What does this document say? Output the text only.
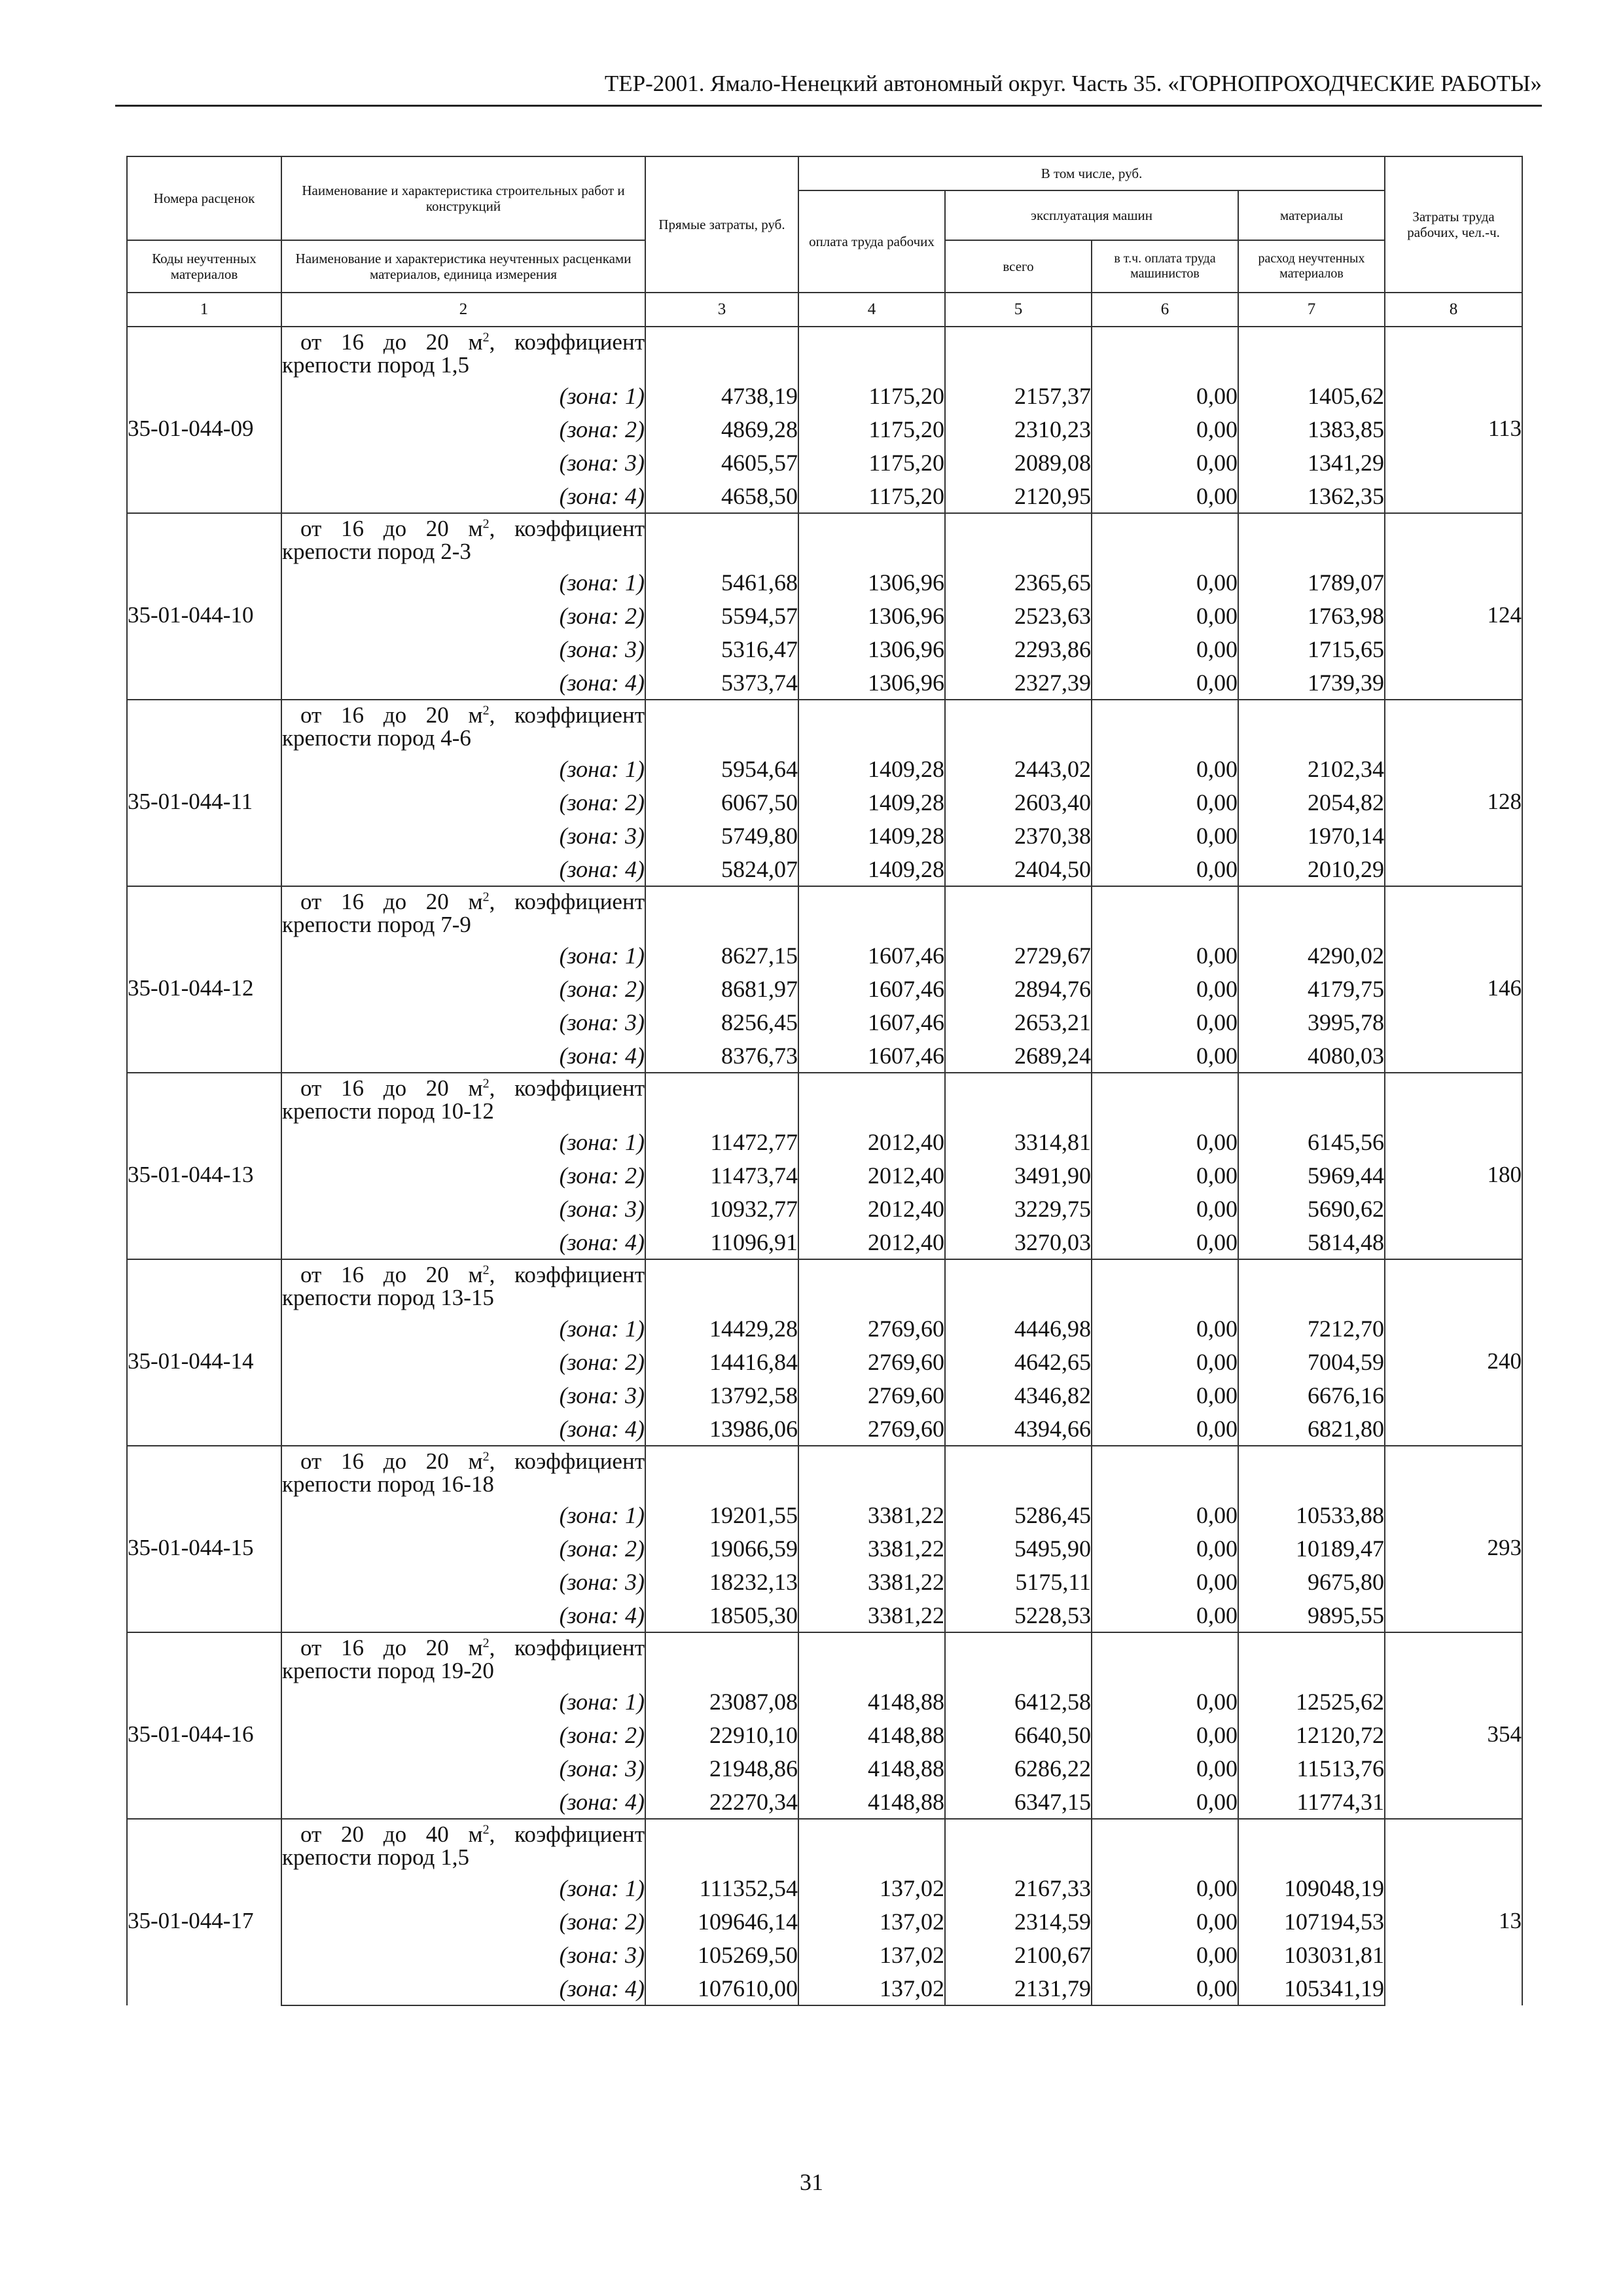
ТЕР-2001. Ямало-Ненецкий автономный округ. Часть 35. «ГОРНОПРОХОДЧЕСКИЕ РАБОТЫ»
Номера расценок	Наименование и характеристика строительных работ и конструкций	Прямые затраты, руб.	В том числе, руб.				Затраты труда рабочих, чел.-ч.
			оплата труда рабочих	эксплуатация машин		материалы	
Коды неучтенных материалов	Наименование и характеристика неучтенных расценками материалов, единица измерения			всего	в т.ч. оплата труда машинистов	расход неучтенных материалов	
1	2	3	4	5	6	7	8

35-01-044-09	от 16 до 20 $м^2$, коэффициент
крепости пород 1,5						113

	(зона: 1)	4738,19	1175,20	2157,37	0,00	1405,62	
	(зона: 2)	4869,28	1175,20	2310,23	0,00	1383,85	
	(зона: 3)	4605,57	1175,20	2089,08	0,00	1341,29	
	(зона: 4)	4658,50	1175,20	2120,95	0,00	1362,35	

35-01-044-10	от 16 до 20 $м^2$, коэффициент
крепости пород 2-3						124

	(зона: 1)	5461,68	1306,96	2365,65	0,00	1789,07	
	(зона: 2)	5594,57	1306,96	2523,63	0,00	1763,98	
	(зона: 3)	5316,47	1306,96	2293,86	0,00	1715,65	
	(зона: 4)	5373,74	1306,96	2327,39	0,00	1739,39	

35-01-044-11	от 16 до 20 $м^2$, коэффициент
крепости пород 4-6						128

	(зона: 1)	5954,64	1409,28	2443,02	0,00	2102,34	
	(зона: 2)	6067,50	1409,28	2603,40	0,00	2054,82	
	(зона: 3)	5749,80	1409,28	2370,38	0,00	1970,14	
	(зона: 4)	5824,07	1409,28	2404,50	0,00	2010,29	

35-01-044-12	от 16 до 20 $м^2$, коэффициент
крепости пород 7-9						146

	(зона: 1)	8627,15	1607,46	2729,67	0,00	4290,02	
	(зона: 2)	8681,97	1607,46	2894,76	0,00	4179,75	
	(зона: 3)	8256,45	1607,46	2653,21	0,00	3995,78	
	(зона: 4)	8376,73	1607,46	2689,24	0,00	4080,03	

35-01-044-13	от 16 до 20 $м^2$, коэффициент
крепости пород 10-12						180

	(зона: 1)	11472,77	2012,40	3314,81	0,00	6145,56	
	(зона: 2)	11473,74	2012,40	3491,90	0,00	5969,44	
	(зона: 3)	10932,77	2012,40	3229,75	0,00	5690,62	
	(зона: 4)	11096,91	2012,40	3270,03	0,00	5814,48	

35-01-044-14	от 16 до 20 $м^2$, коэффициент
крепости пород 13-15						240

	(зона: 1)	14429,28	2769,60	4446,98	0,00	7212,70	
	(зона: 2)	14416,84	2769,60	4642,65	0,00	7004,59	
	(зона: 3)	13792,58	2769,60	4346,82	0,00	6676,16	
	(зона: 4)	13986,06	2769,60	4394,66	0,00	6821,80	

35-01-044-15	от 16 до 20 $м^2$, коэффициент
крепости пород 16-18						293

	(зона: 1)	19201,55	3381,22	5286,45	0,00	10533,88	
	(зона: 2)	19066,59	3381,22	5495,90	0,00	10189,47	
	(зона: 3)	18232,13	3381,22	5175,11	0,00	9675,80	
	(зона: 4)	18505,30	3381,22	5228,53	0,00	9895,55	

35-01-044-16	от 16 до 20 $м^2$, коэффициент
крепости пород 19-20						354

	(зона: 1)	23087,08	4148,88	6412,58	0,00	12525,62	
	(зона: 2)	22910,10	4148,88	6640,50	0,00	12120,72	
	(зона: 3)	21948,86	4148,88	6286,22	0,00	11513,76	
	(зона: 4)	22270,34	4148,88	6347,15	0,00	11774,31	

35-01-044-17	от 20 до 40 $м^2$, коэффициент
крепости пород 1,5						13

	(зона: 1)	111352,54	137,02	2167,33	0,00	109048,19	
	(зона: 2)	109646,14	137,02	2314,59	0,00	107194,53	
	(зона: 3)	105269,50	137,02	2100,67	0,00	103031,81	
	(зона: 4)	107610,00	137,02	2131,79	0,00	105341,19	
31
